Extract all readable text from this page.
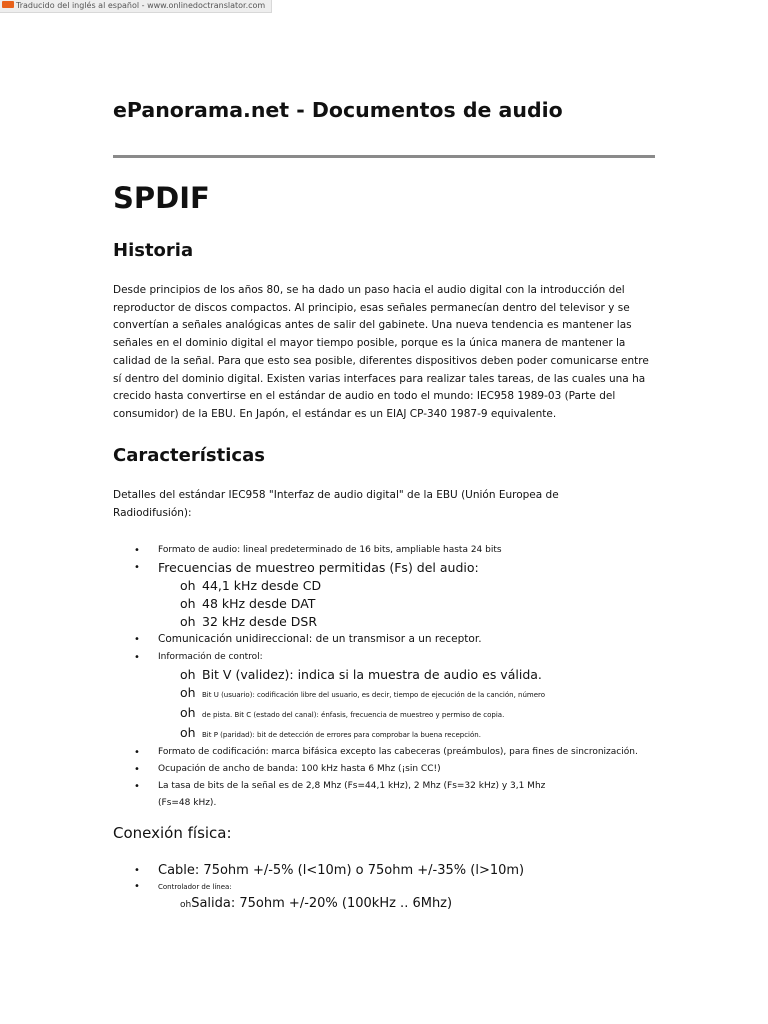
Traducido del inglés al español - www.onlinedoctranslator.com
ePanorama.net - Documentos de audio
SPDIF
Historia

Desde principios de los años 80, se ha dado un paso hacia el audio digital con la introducción del reproductor de discos compactos. Al principio, esas señales permanecían dentro del televisor y se convertían a señales analógicas antes de salir del gabinete. Una nueva tendencia es mantener las señales en el dominio digital el mayor tiempo posible, porque es la única manera de mantener la calidad de la señal. Para que esto sea posible, diferentes dispositivos deben poder comunicarse entre sí dentro del dominio digital. Existen varias interfaces para realizar tales tareas, de las cuales una ha crecido hasta convertirse en el estándar de audio en todo el mundo: IEC958 1989-03 (Parte del consumidor) de la EBU. En Japón, el estándar es un EIAJ CP-340 1987-9 equivalente.

Características

Detalles del estándar IEC958 "Interfaz de audio digital" de la EBU (Unión Europea de Radiodifusión):

• Formato de audio: lineal predeterminado de 16 bits, ampliable hasta 24 bits
• Frecuencias de muestreo permitidas (Fs) del audio:
oh 44,1 kHz desde CD
oh 48 kHz desde DAT
oh 32 kHz desde DSR
• Comunicación unidireccional: de un transmisor a un receptor.
• Información de control:
oh Bit V (validez): indica si la muestra de audio es válida.
oh Bit U (usuario): codificación libre del usuario, es decir, tiempo de ejecución de la canción, número
oh de pista. Bit C (estado del canal): énfasis, frecuencia de muestreo y permiso de copia.
oh Bit P (paridad): bit de detección de errores para comprobar la buena recepción.
• Formato de codificación: marca bifásica excepto las cabeceras (preámbulos), para fines de sincronización.
• Ocupación de ancho de banda: 100 kHz hasta 6 Mhz (¡sin CC!)
• La tasa de bits de la señal es de 2,8 Mhz (Fs=44,1 kHz), 2 Mhz (Fs=32 kHz) y 3,1 Mhz (Fs=48 kHz).
Conexión física:
• Cable: 75ohm +/-5% (l<10m) o 75ohm +/-35% (l>10m)
•	Controlador de línea:
ohSalida: 75ohm +/-20% (100kHz .. 6Mhz)
